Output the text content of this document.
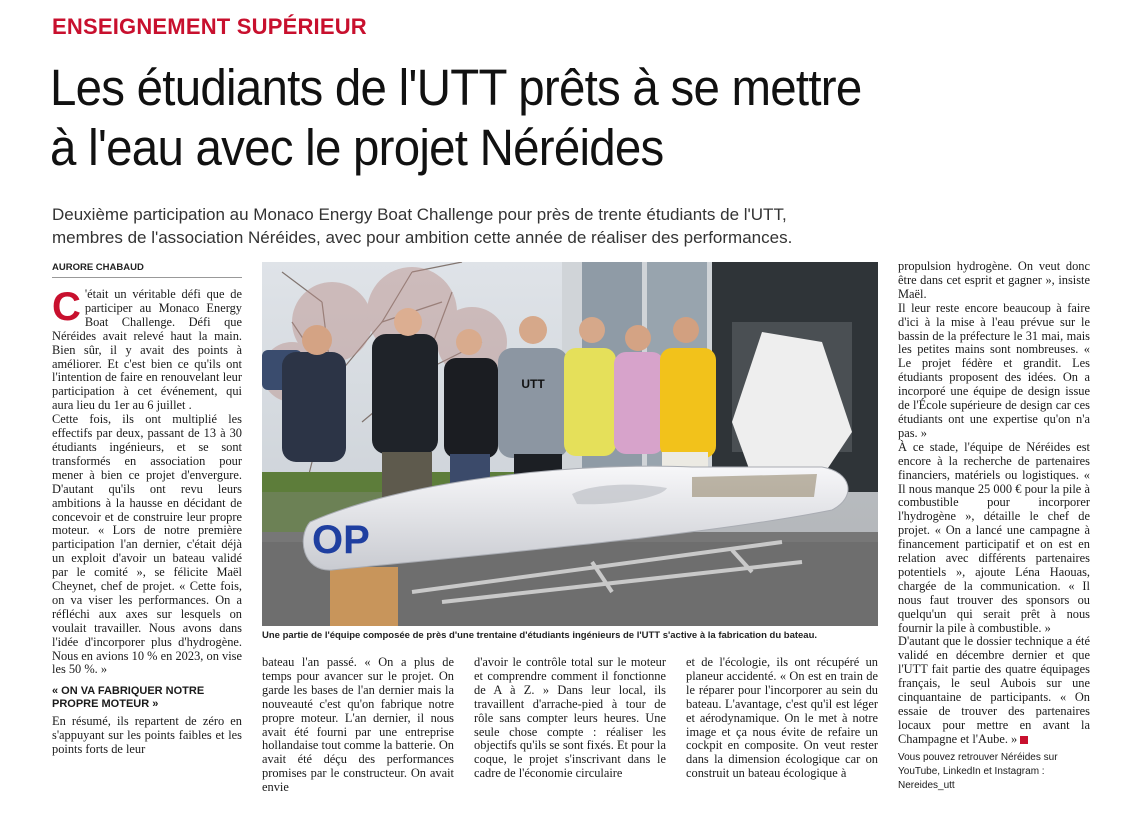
ENSEIGNEMENT SUPÉRIEUR
Les étudiants de l'UTT prêts à se mettre
à l'eau avec le projet Néréides
Deuxième participation au Monaco Energy Boat Challenge pour près de trente étudiants de l'UTT, membres de l'association Néréides, avec pour ambition cette année de réaliser des performances.
AURORE CHABAUD
C 'était un véritable défi que de participer au Monaco Energy Boat Challenge. Défi que Néréides avait relevé haut la main. Bien sûr, il y avait des points à améliorer. Et c'est bien ce qu'ils ont l'intention de faire en renouvelant leur participation à cet événement, qui aura lieu du 1er au 6 juillet .

Cette fois, ils ont multiplié les effectifs par deux, passant de 13 à 30 étudiants ingénieurs, et se sont transformés en association pour mener à bien ce projet d'envergure. D'autant qu'ils ont revu leurs ambitions à la hausse en décidant de concevoir et de construire leur propre moteur. « Lors de notre première participation l'an dernier, c'était déjà un exploit d'avoir un bateau validé par le comité », se félicite Maël Cheynet, chef de projet. « Cette fois, on va viser les performances. On a réfléchi aux axes sur lesquels on voulait travailler. Nous avons dans l'idée d'incorporer plus d'hydrogène. Nous en avions 10 % en 2023, on vise les 50 %. »

« ON VA FABRIQUER NOTRE PROPRE MOTEUR »

En résumé, ils repartent de zéro en s'appuyant sur les points faibles et les points forts de leur

UTT
OP
Une partie de l'équipe composée de près d'une trentaine d'étudiants ingénieurs de l'UTT s'active à la fabrication du bateau.

bateau l'an passé. « On a plus de temps pour avancer sur le projet. On garde les bases de l'an dernier mais la nouveauté c'est qu'on fabrique notre propre moteur. L'an dernier, il nous avait été fourni par une entreprise hollandaise tout comme la batterie. On avait été déçu des performances promises par le constructeur. On avait envie

d'avoir le contrôle total sur le moteur et comprendre comment il fonctionne de A à Z. » Dans leur local, ils travaillent d'arrache-pied à tour de rôle sans compter leurs heures. Une seule chose compte : réaliser les objectifs qu'ils se sont fixés. Et pour la coque, le projet s'inscrivant dans le cadre de l'économie circulaire

et de l'écologie, ils ont récupéré un planeur accidenté. « On est en train de le réparer pour l'incorporer au sein du bateau. L'avantage, c'est qu'il est léger et aérodynamique. On le met à notre image et ça nous évite de refaire un cockpit en composite. On veut rester dans la dimension écologique car on construit un bateau écologique à

propulsion hydrogène. On veut donc être dans cet esprit et gagner », insiste Maël.

Il leur reste encore beaucoup à faire d'ici à la mise à l'eau prévue sur le bassin de la préfecture le 31 mai, mais les petites mains sont nombreuses. « Le projet fédère et grandit. Les étudiants proposent des idées. On a incorporé une équipe de design issue de l'École supérieure de design car ces étudiants ont une expertise qu'on n'a pas. »

À ce stade, l'équipe de Néréides est encore à la recherche de partenaires financiers, matériels ou logistiques. « Il nous manque 25 000 € pour la pile à combustible pour incorporer l'hydrogène », détaille le chef de projet. « On a lancé une campagne à financement participatif et on est en relation avec différents partenaires potentiels », ajoute Léna Haouas, chargée de la communication. « Il nous faut trouver des sponsors ou quelqu'un qui serait prêt à nous fournir la pile à combustible. »

D'autant que le dossier technique a été validé en décembre dernier et que l'UTT fait partie des quatre équipages français, le seul Aubois sur une cinquantaine de participants. « On essaie de trouver des partenaires locaux pour mettre en avant la Champagne et l'Aube. »

Vous pouvez retrouver Néréides sur YouTube, LinkedIn et Instagram : Nereides_utt
